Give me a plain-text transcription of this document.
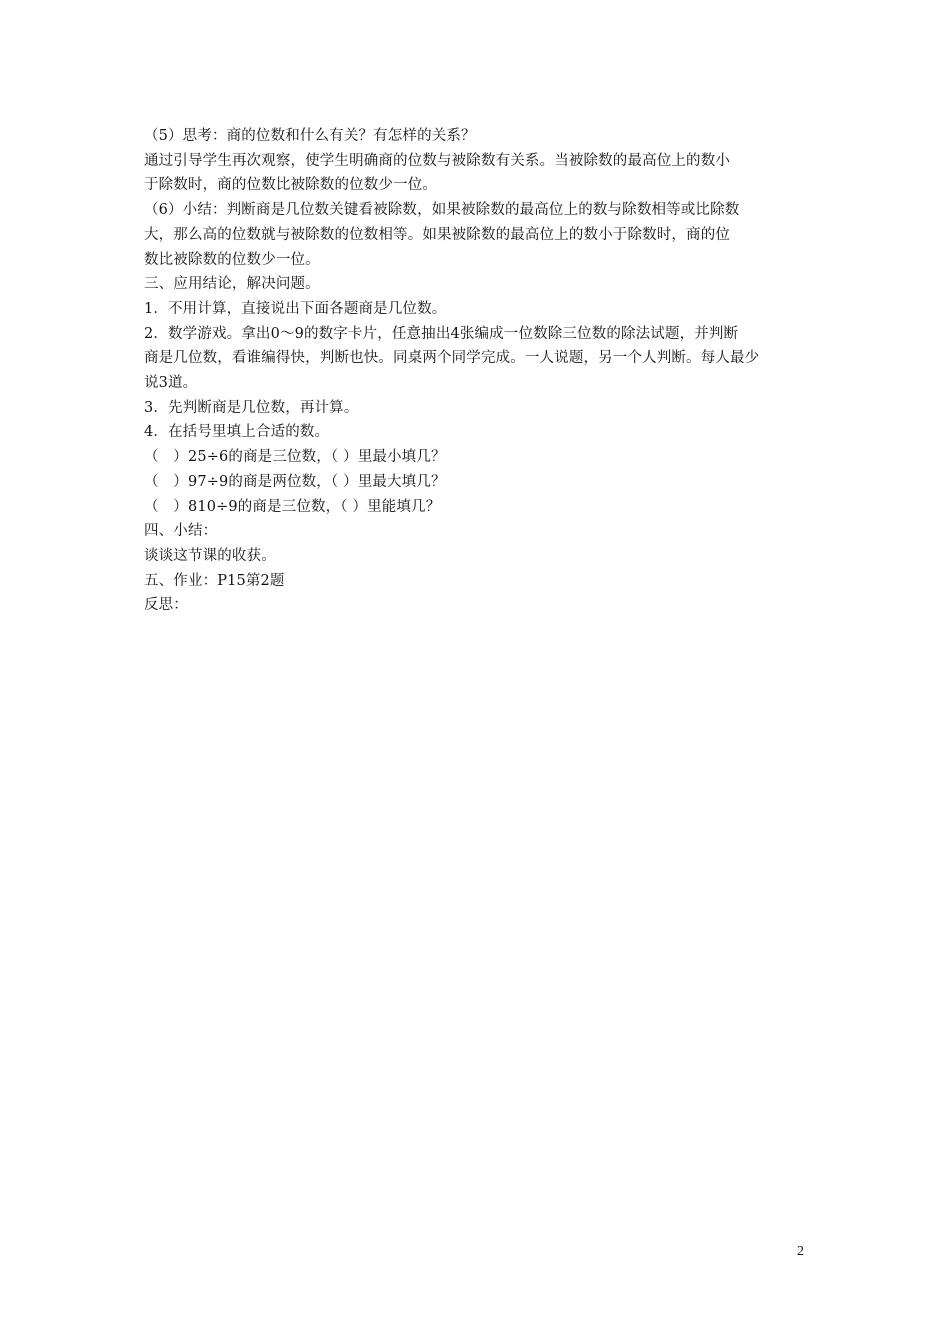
（5）思考：商的位数和什么有关？有怎样的关系？
通过引导学生再次观察，使学生明确商的位数与被除数有关系。当被除数的最高位上的数小
于除数时，商的位数比被除数的位数少一位。
（6）小结：判断商是几位数关键看被除数，如果被除数的最高位上的数与除数相等或比除数
大，那么高的位数就与被除数的位数相等。如果被除数的最高位上的数小于除数时，商的位
数比被除数的位数少一位。
三、应用结论，解决问题。
1．不用计算，直接说出下面各题商是几位数。
2．数学游戏。拿出0～9的数字卡片，任意抽出4张编成一位数除三位数的除法试题，并判断
商是几位数，看谁编得快，判断也快。同桌两个同学完成。一人说题，另一个人判断。每人最少
说3道。
3．先判断商是几位数，再计算。
4．在括号里填上合适的数。
（　）25÷6的商是三位数，（ ）里最小填几？
（　）97÷9的商是两位数，（ ）里最大填几？
（　）810÷9的商是三位数，（ ）里能填几？
四、小结：
谈谈这节课的收获。
五、作业：P15第2题
反思：
2
